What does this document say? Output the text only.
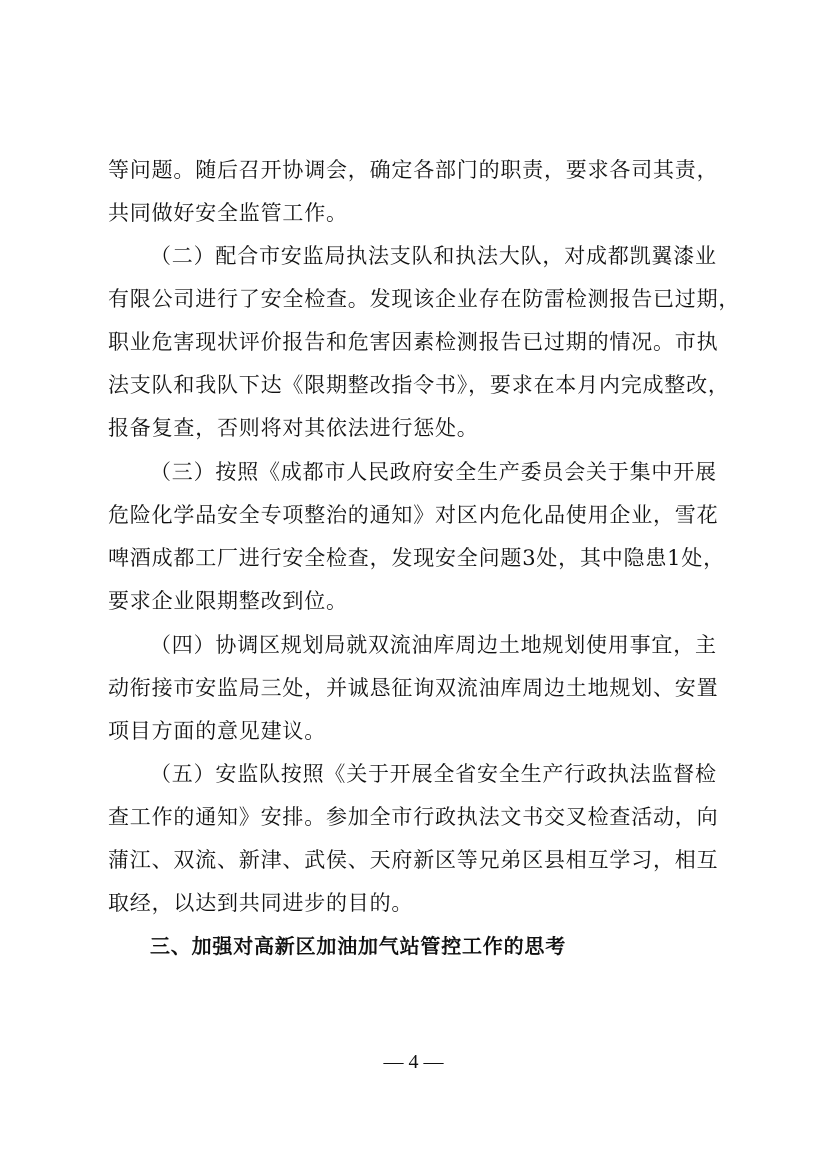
等问题。随后召开协调会，确定各部门的职责，要求各司其责，
共同做好安全监管工作。
（二）配合市安监局执法支队和执法大队，对成都凯翼漆业
有限公司进行了安全检查。发现该企业存在防雷检测报告已过期，
职业危害现状评价报告和危害因素检测报告已过期的情况。市执
法支队和我队下达《限期整改指令书》，要求在本月内完成整改，
报备复查，否则将对其依法进行惩处。
（三）按照《成都市人民政府安全生产委员会关于集中开展
危险化学品安全专项整治的通知》对区内危化品使用企业，雪花
啤酒成都工厂进行安全检查，发现安全问题3处，其中隐患1处，
要求企业限期整改到位。
（四）协调区规划局就双流油库周边土地规划使用事宜，主
动衔接市安监局三处，并诚恳征询双流油库周边土地规划、安置
项目方面的意见建议。
（五）安监队按照《关于开展全省安全生产行政执法监督检
查工作的通知》安排。参加全市行政执法文书交叉检查活动，向
蒲江、双流、新津、武侯、天府新区等兄弟区县相互学习，相互
取经，以达到共同进步的目的。
三、加强对高新区加油加气站管控工作的思考
— 4 —
